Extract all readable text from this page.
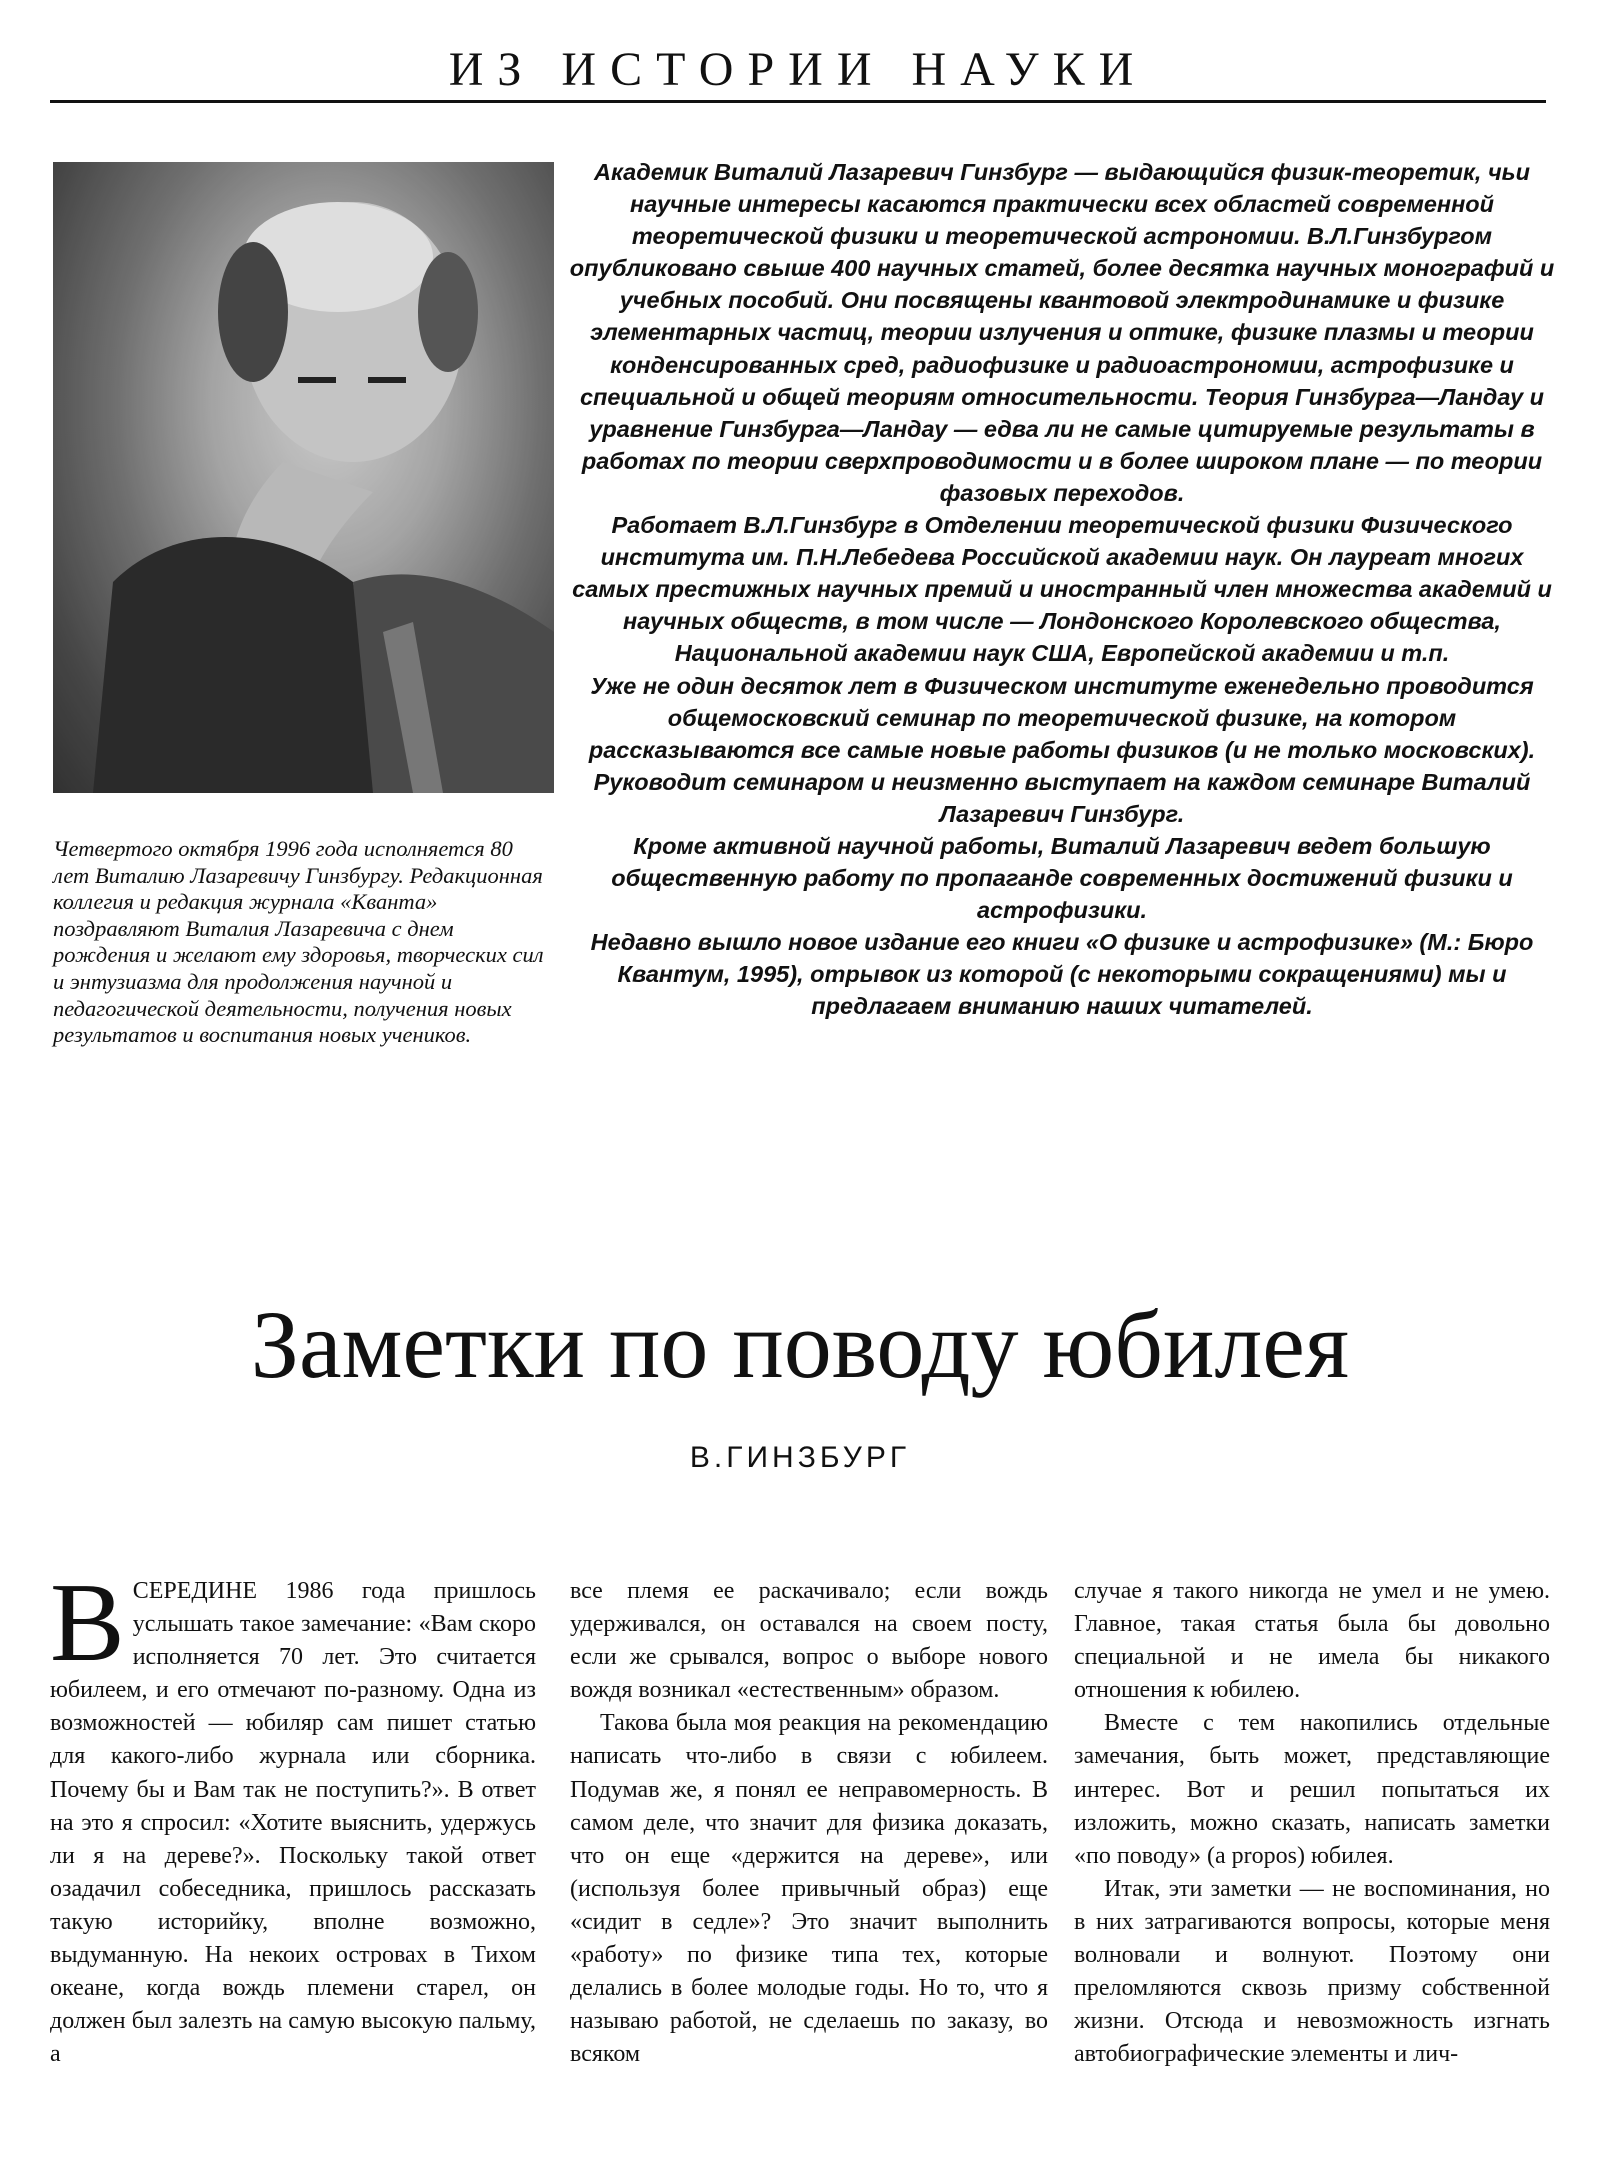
ИЗ ИСТОРИИ НАУКИ

Четвертого октября 1996 года исполняется 80 лет Виталию Лазаревичу Гинзбургу. Редакционная коллегия и редакция журнала «Кванта» поздравляют Виталия Лазаревича с днем рождения и желают ему здоровья, творческих сил и энтузиазма для продолжения научной и педагогической деятельности, получения новых результатов и воспитания новых учеников.

Академик Виталий Лазаревич Гинзбург — выдающийся физик-теоретик, чьи научные интересы касаются практически всех областей современной теоретической физики и теоретической астрономии. В.Л.Гинзбургом опубликовано свыше 400 научных статей, более десятка научных монографий и учебных пособий. Они посвящены квантовой электродинамике и физике элементарных частиц, теории излучения и оптике, физике плазмы и теории конденсированных сред, радиофизике и радиоастрономии, астрофизике и специальной и общей теориям относительности. Теория Гинзбурга—Ландау и уравнение Гинзбурга—Ландау — едва ли не самые цитируемые результаты в работах по теории сверхпроводимости и в более широком плане — по теории фазовых переходов.

Работает В.Л.Гинзбург в Отделении теоретической физики Физического института им. П.Н.Лебедева Российской академии наук. Он лауреат многих самых престижных научных премий и иностранный член множества академий и научных обществ, в том числе — Лондонского Королевского общества, Национальной академии наук США, Европейской академии и т.п.

Уже не один десяток лет в Физическом институте еженедельно проводится общемосковский семинар по теоретической физике, на котором рассказываются все самые новые работы физиков (и не только московских). Руководит семинаром и неизменно выступает на каждом семинаре Виталий Лазаревич Гинзбург.

Кроме активной научной работы, Виталий Лазаревич ведет большую общественную работу по пропаганде современных достижений физики и астрофизики.

Недавно вышло новое издание его книги «О физике и астрофизике» (М.: Бюро Квантум, 1995), отрывок из которой (с некоторыми сокращениями) мы и предлагаем вниманию наших читателей.

Заметки по поводу юбилея
В.ГИНЗБУРГ

ВСЕРЕДИНЕ 1986 года пришлось услышать такое замечание: «Вам скоро исполняется 70 лет. Это считается юбилеем, и его отмечают по-разному. Одна из возможностей — юбиляр сам пишет статью для какого-либо журнала или сборника. Почему бы и Вам так не поступить?». В ответ на это я спросил: «Хотите выяснить, удержусь ли я на дереве?». Поскольку такой ответ озадачил собеседника, пришлось рассказать такую историйку, вполне возможно, выдуманную. На некоих островах в Тихом океане, когда вождь племени старел, он должен был залезть на самую высокую пальму, а

все племя ее раскачивало; если вождь удерживался, он оставался на своем посту, если же срывался, вопрос о выборе нового вождя возникал «естественным» образом.

Такова была моя реакция на рекомендацию написать что-либо в связи с юбилеем. Подумав же, я понял ее неправомерность. В самом деле, что значит для физика доказать, что он еще «держится на дереве», или (используя более привычный образ) еще «сидит в седле»? Это значит выполнить «работу» по физике типа тех, которые делались в более молодые годы. Но то, что я называю работой, не сделаешь по заказу, во всяком

случае я такого никогда не умел и не умею. Главное, такая статья была бы довольно специальной и не имела бы никакого отношения к юбилею.

Вместе с тем накопились отдельные замечания, быть может, представляющие интерес. Вот и решил попытаться их изложить, можно сказать, написать заметки «по поводу» (a propos) юбилея.

Итак, эти заметки — не воспоминания, но в них затрагиваются вопросы, которые меня волновали и волнуют. Поэтому они преломляются сквозь призму собственной жизни. Отсюда и невозможность изгнать автобиографические элементы и лич-
